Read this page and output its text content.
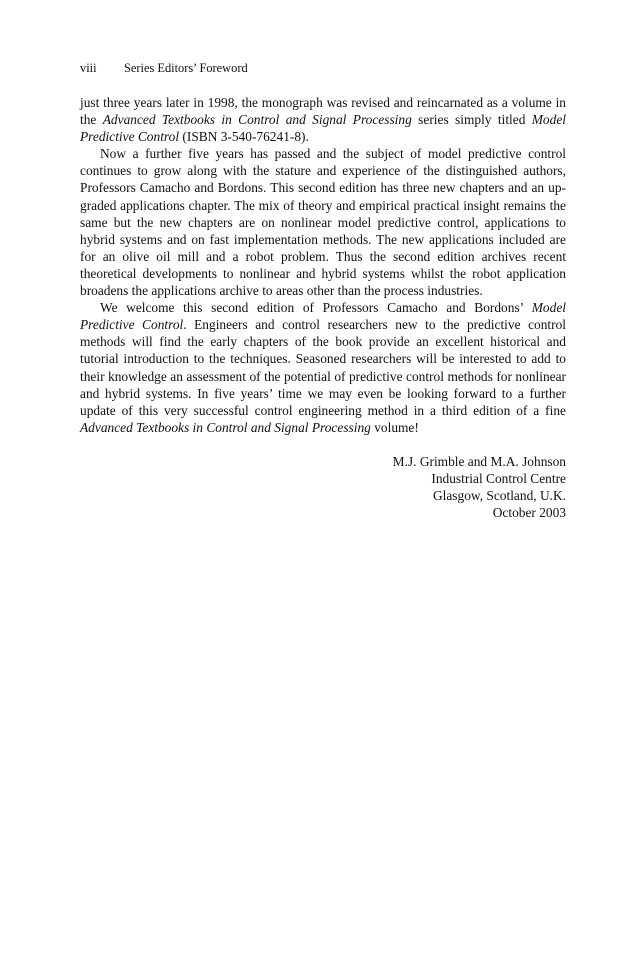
viii Series Editors’ Foreword

just three years later in 1998, the monograph was revised and reincarnated as a volume in the Advanced Textbooks in Control and Signal Processing series simply titled Model Predictive Control (ISBN 3-540-76241-8).

Now a further five years has passed and the subject of model predictive control continues to grow along with the stature and experience of the distinguished authors, Professors Camacho and Bordons. This second edition has three new chapters and an up-graded applications chapter. The mix of theory and empirical practical insight remains the same but the new chapters are on nonlinear model predictive control, applications to hybrid systems and on fast implementation methods. The new applications included are for an olive oil mill and a robot problem. Thus the second edition archives recent theoretical developments to nonlinear and hybrid systems whilst the robot application broadens the applications archive to areas other than the process industries.

We welcome this second edition of Professors Camacho and Bordons’ Model Predictive Control. Engineers and control researchers new to the predictive control methods will find the early chapters of the book provide an excellent historical and tutorial introduction to the techniques. Seasoned researchers will be interested to add to their knowledge an assessment of the potential of predictive control methods for nonlinear and hybrid systems. In five years’ time we may even be looking forward to a further update of this very successful control engineering method in a third edition of a fine Advanced Textbooks in Control and Signal Processing volume!

M.J. Grimble and M.A. Johnson
Industrial Control Centre
Glasgow, Scotland, U.K.
October 2003
